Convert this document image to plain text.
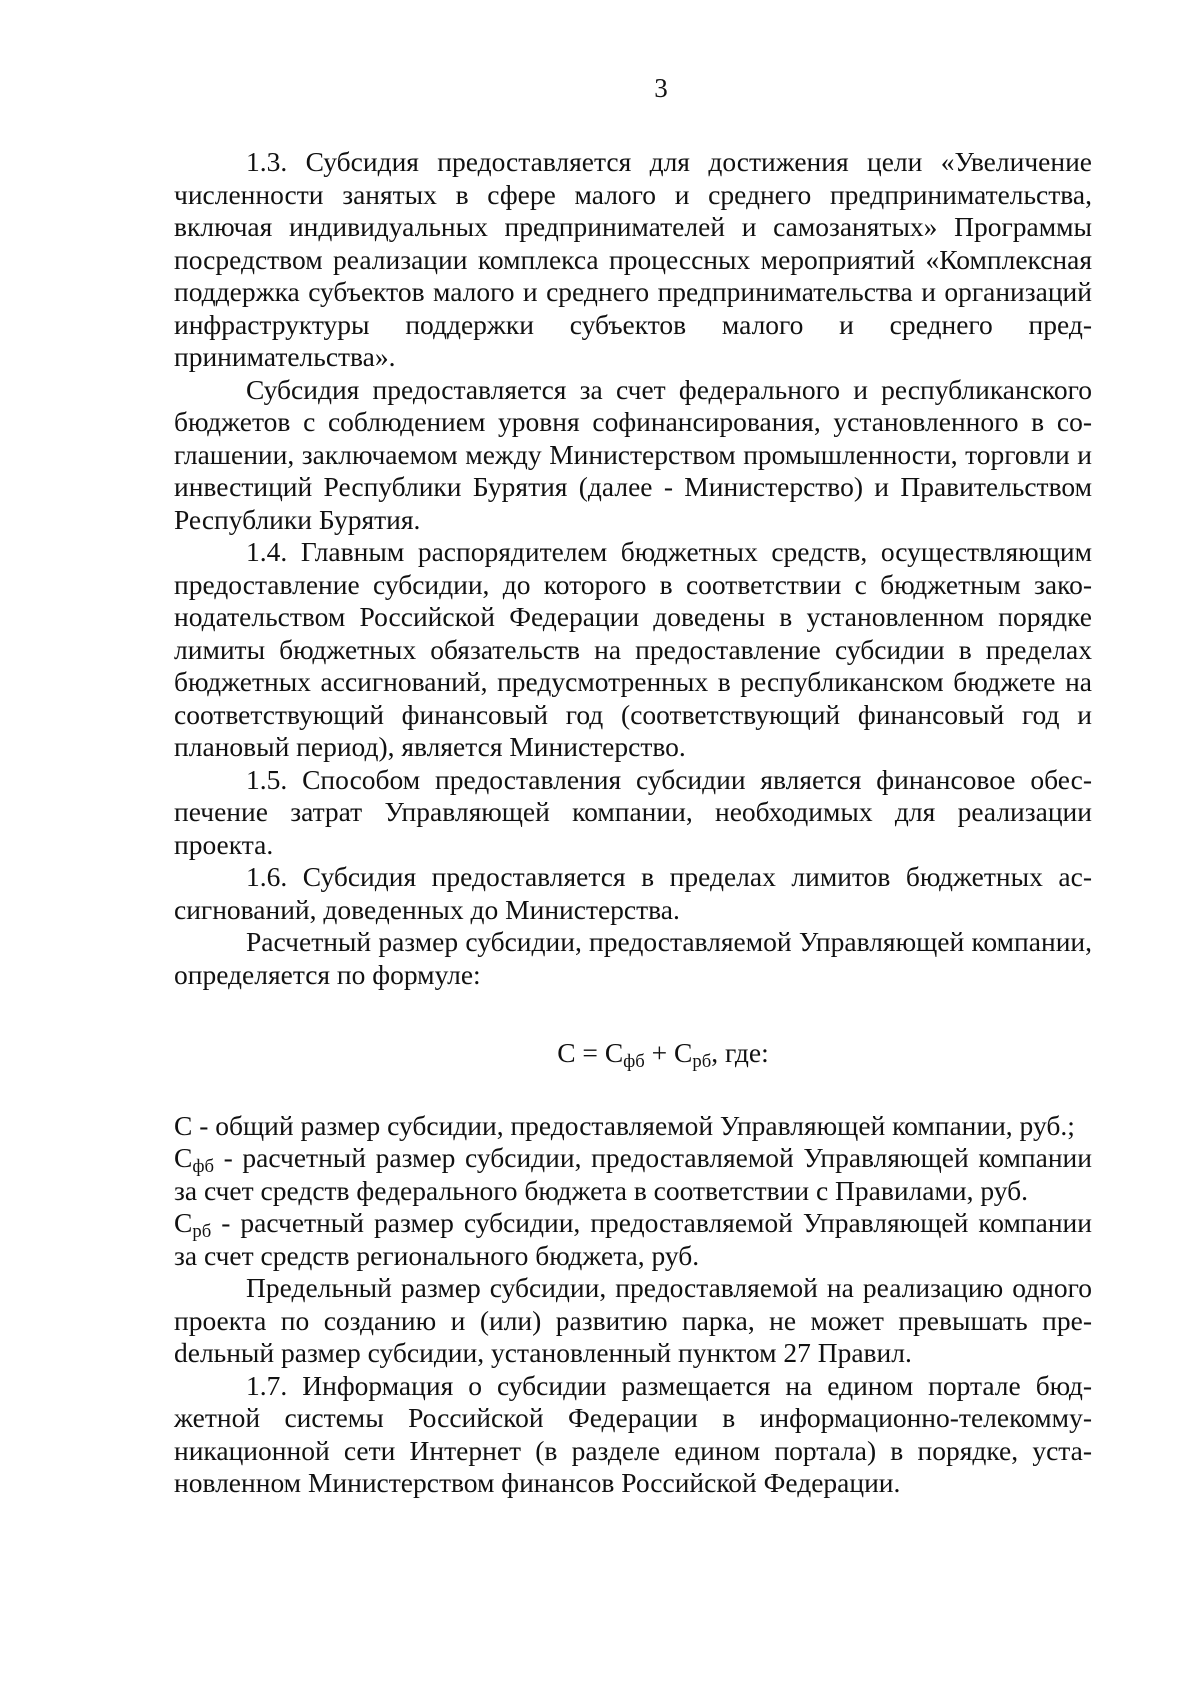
3

1.3. Субсидия предоставляется для достижения цели «Увеличение численности занятых в сфере малого и среднего предпринимательства, включая индивидуальных предпринимателей и самозанятых» Программы посредством реализации комплекса процессных мероприятий «Комплексная поддержка субъектов малого и среднего предпринимательства и организаций инфраструктуры поддержки субъектов малого и среднего предпринимательства».

Субсидия предоставляется за счет федерального и республиканского бюджетов с соблюдением уровня софинансирования, установленного в соглашении, заключаемом между Министерством промышленности, торговли и инвестиций Республики Бурятия (далее - Министерство) и Правительством Республики Бурятия.

1.4. Главным распорядителем бюджетных средств, осуществляющим предоставление субсидии, до которого в соответствии с бюджетным законодательством Российской Федерации доведены в установленном порядке лимиты бюджетных обязательств на предоставление субсидии в пределах бюджетных ассигнований, предусмотренных в республиканском бюджете на соответствующий финансовый год (соответствующий финансовый год и плановый период), является Министерство.

1.5. Способом предоставления субсидии является финансовое обеспечение затрат Управляющей компании, необходимых для реализации проекта.

1.6. Субсидия предоставляется в пределах лимитов бюджетных ассигнований, доведенных до Министерства.

Расчетный размер субсидии, предоставляемой Управляющей компании, определяется по формуле:

$С = С_{фб} + С_{рб}$, где:

С - общий размер субсидии, предоставляемой Управляющей компании, руб.;

$С_{фб}$ - расчетный размер субсидии, предоставляемой Управляющей компании за счет средств федерального бюджета в соответствии с Правилами, руб.

$С_{рб}$ - расчетный размер субсидии, предоставляемой Управляющей компании за счет средств регионального бюджета, руб.

Предельный размер субсидии, предоставляемой на реализацию одного проекта по созданию и (или) развитию парка, не может превышать преdельный размер субсидии, установленный пунктом 27 Правил.

1.7. Информация о субсидии размещается на едином портале бюджетной системы Российской Федерации в информационно-телекоммуникационной сети Интернет (в разделе едином портала) в порядке, установленном Министерством финансов Российской Федерации.
